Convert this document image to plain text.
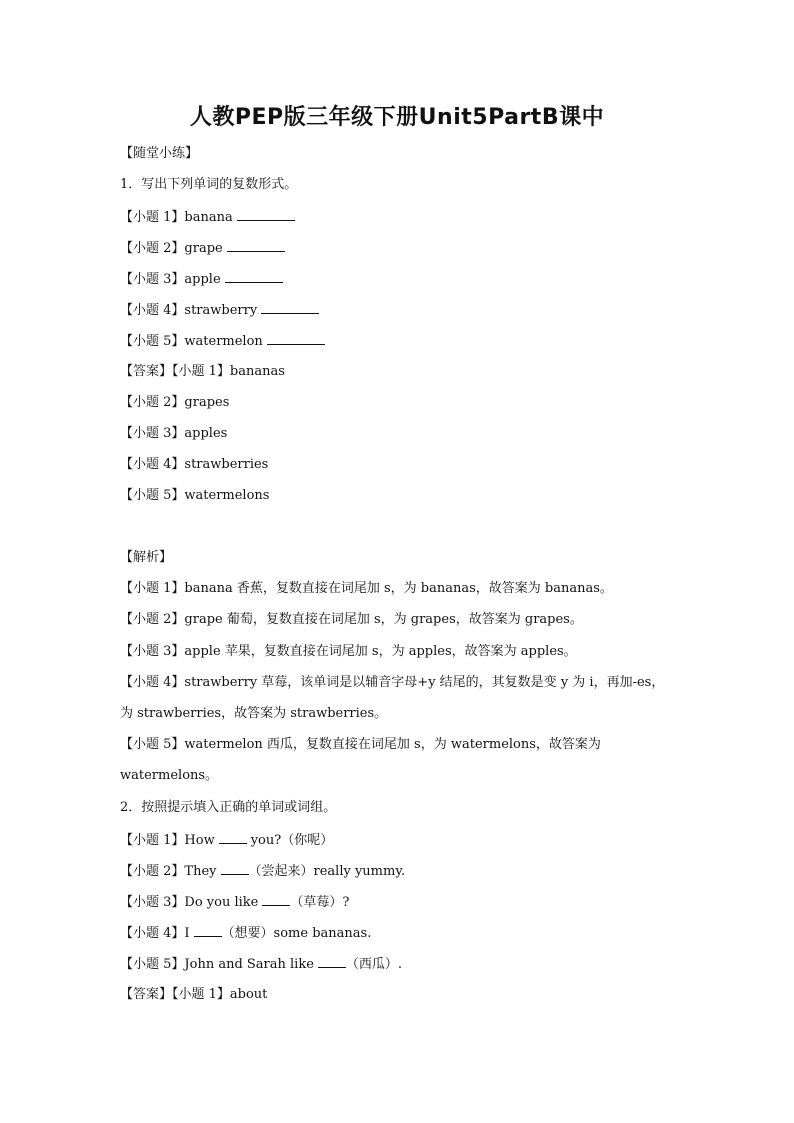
人教PEP版三年级下册Unit5PartB课中
【随堂小练】
1．写出下列单词的复数形式。
【小题 1】banana
【小题 2】grape
【小题 3】apple
【小题 4】strawberry
【小题 5】watermelon
【答案】【小题 1】bananas
【小题 2】grapes
【小题 3】apples
【小题 4】strawberries
【小题 5】watermelons
【解析】
【小题 1】banana 香蕉，复数直接在词尾加 s，为 bananas，故答案为 bananas。
【小题 2】grape 葡萄，复数直接在词尾加 s，为 grapes，故答案为 grapes。
【小题 3】apple 苹果，复数直接在词尾加 s，为 apples，故答案为 apples。
【小题 4】strawberry 草莓，该单词是以辅音字母+y 结尾的，其复数是变 y 为 i，再加-es，
为 strawberries，故答案为 strawberries。
【小题 5】watermelon 西瓜，复数直接在词尾加 s，为 watermelons，故答案为
watermelons。
2．按照提示填入正确的单词或词组。
【小题 1】How	you?（你呢）
【小题 2】They （尝起来）really yummy.
【小题 3】Do you like （草莓）?
【小题 4】I （想要）some bananas.
【小题 5】John and Sarah like （西瓜）.
【答案】【小题 1】about
